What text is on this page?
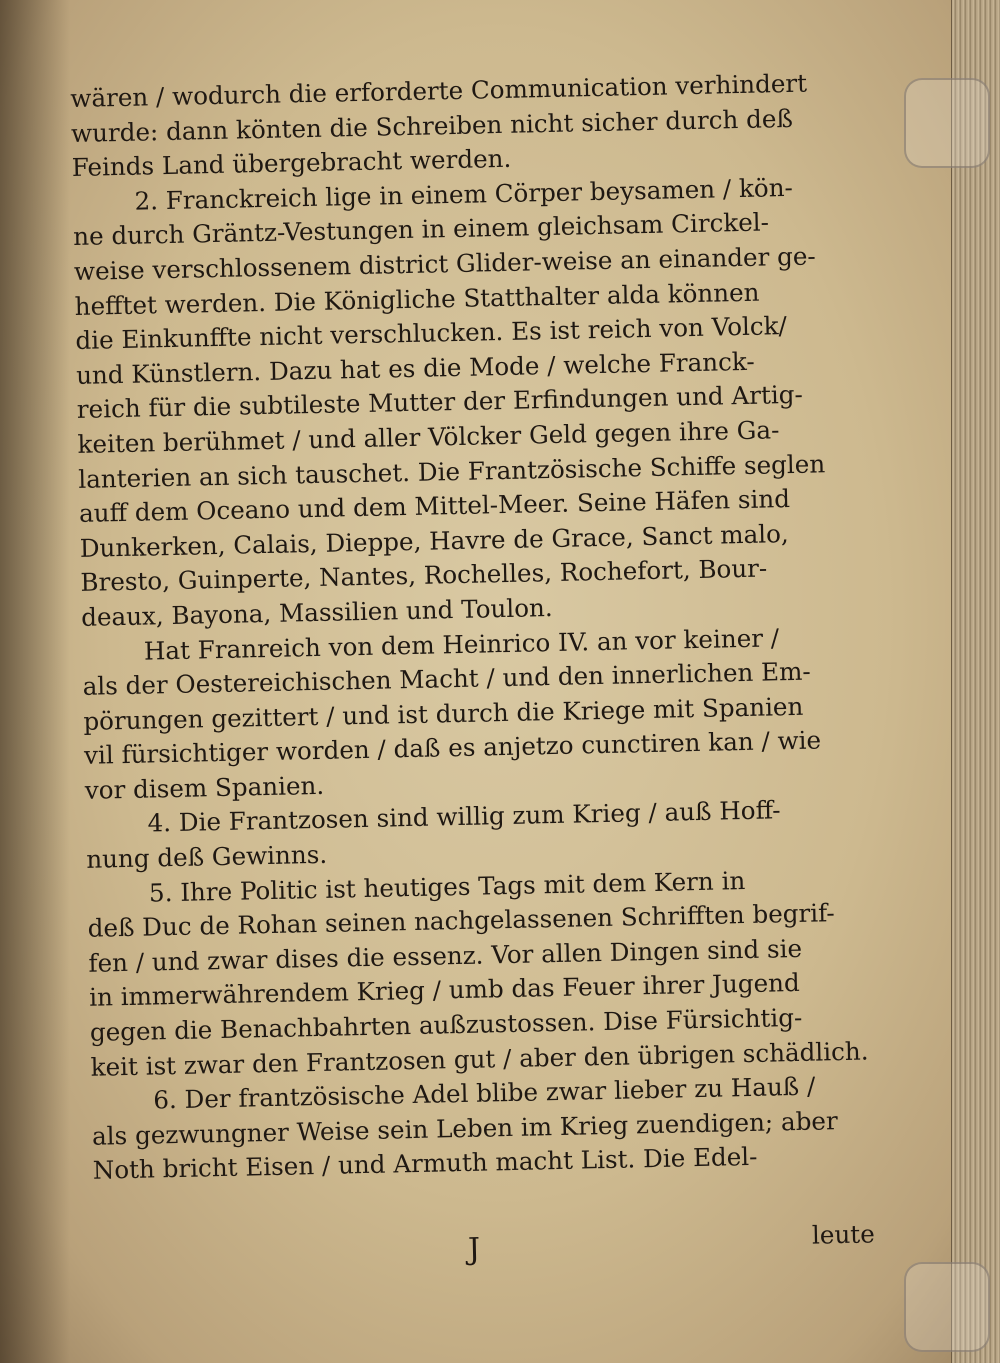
wären / wodurch die erforderte Communication verhindert
wurde: dann könten die Schreiben nicht sicher durch deß
Feinds Land übergebracht werden.
2. Franckreich lige in einem Cörper beysamen / kön-
ne durch Gräntz-Vestungen in einem gleichsam Circkel-
weise verschlossenem district Glider-weise an einander ge-
hefftet werden. Die Königliche Statthalter alda können
die Einkunffte nicht verschlucken. Es ist reich von Volck/
und Künstlern. Dazu hat es die Mode / welche Franck-
reich für die subtileste Mutter der Erfindungen und Artig-
keiten berühmet / und aller Völcker Geld gegen ihre Ga-
lanterien an sich tauschet. Die Frantzösische Schiffe seglen
auff dem Oceano und dem Mittel-Meer. Seine Häfen sind
Dunkerken, Calais, Dieppe, Havre de Grace, Sanct malo,
Bresto, Guinperte, Nantes, Rochelles, Rochefort, Bour-
deaux, Bayona, Massilien und Toulon.
Hat Franreich von dem Heinrico IV. an vor keiner /
als der Oestereichischen Macht / und den innerlichen Em-
pörungen gezittert / und ist durch die Kriege mit Spanien
vil fürsichtiger worden / daß es anjetzo cunctiren kan / wie
vor disem Spanien.
4. Die Frantzosen sind willig zum Krieg / auß Hoff-
nung deß Gewinns.
5. Ihre Politic ist heutiges Tags mit dem Kern in
deß Duc de Rohan seinen nachgelassenen Schrifften begrif-
fen / und zwar dises die essenz. Vor allen Dingen sind sie
in immerwährendem Krieg / umb das Feuer ihrer Jugend
gegen die Benachbahrten außzustossen. Dise Fürsichtig-
keit ist zwar den Frantzosen gut / aber den übrigen schädlich.
6. Der frantzösische Adel blibe zwar lieber zu Hauß /
als gezwungner Weise sein Leben im Krieg zuendigen; aber
Noth bricht Eisen / und Armuth macht List. Die Edel-
J	leute
